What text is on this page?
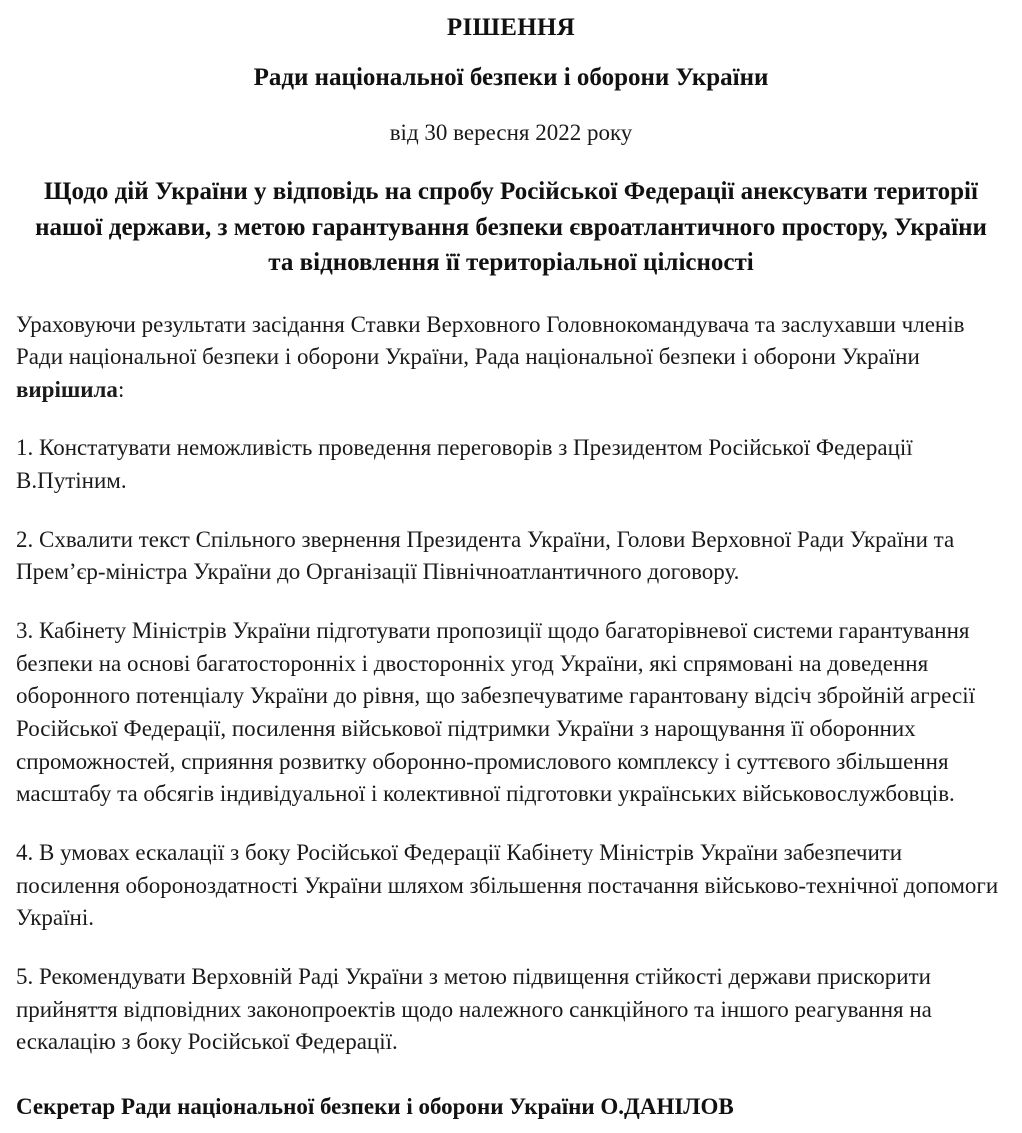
РІШЕННЯ
Ради національної безпеки і оборони України
від 30 вересня 2022 року
Щодо дій України у відповідь на спробу Російської Федерації анексувати території нашої держави, з метою гарантування безпеки євроатлантичного простору, України та відновлення її територіальної цілісності

Ураховуючи результати засідання Ставки Верховного Головнокомандувача та заслухавши членів Ради національної безпеки і оборони України, Рада національної безпеки і оборони України вирішила:

1. Констатувати неможливість проведення переговорів з Президентом Російської Федерації В.Путіним.

2. Схвалити текст Спільного звернення Президента України, Голови Верховної Ради України та Прем’єр-міністра України до Організації Північноатлантичного договору.

3. Кабінету Міністрів України підготувати пропозиції щодо багаторівневої системи гарантування безпеки на основі багатосторонніх і двосторонніх угод України, які спрямовані на доведення оборонного потенціалу України до рівня, що забезпечуватиме гарантовану відсіч збройній агресії Російської Федерації, посилення військової підтримки України з нарощування її оборонних спроможностей, сприяння розвитку оборонно-промислового комплексу і суттєвого збільшення масштабу та обсягів індивідуальної і колективної підготовки українських військовослужбовців.

4. В умовах ескалації з боку Російської Федерації Кабінету Міністрів України забезпечити посилення обороноздатності України шляхом збільшення постачання військово-технічної допомоги Україні.

5. Рекомендувати Верховній Раді України з метою підвищення стійкості держави прискорити прийняття відповідних законопроектів щодо належного санкційного та іншого реагування на ескалацію з боку Російської Федерації.

Секретар Ради національної безпеки і оборони України О.ДАНІЛОВ
